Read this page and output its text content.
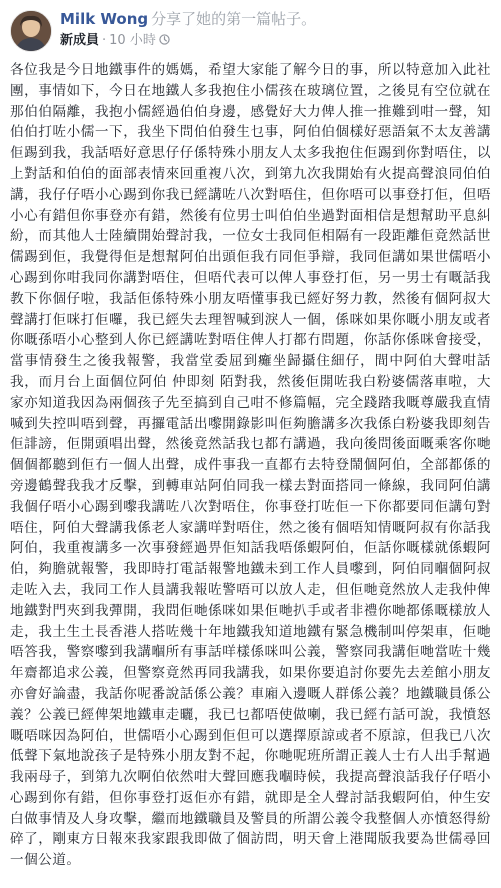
Milk Wong 分享了她的第一篇帖子。
新成員 · 10 小時
各位我是今日地鐵事件的媽媽，希望大家能了解今日的事，所以特意加入此社團，事情如下，今日在地鐵人多我抱住小儒孩在玻璃位置，之後見有空位就在那伯伯隔離，我抱小儒經過伯伯身邊，感覺好大力俾人推一推難到咁一聲，知伯伯打咗小儒一下，我坐下問伯伯發生乜事，阿伯伯個樣好惡語氣不太友善講佢踢到我，我話唔好意思仔仔係特殊小朋友人太多我抱住佢踢到你對唔住，以上對話和伯伯的面部表情來回重複八次，到第九次我開始有火提高聲浪同伯伯講，我仔仔唔小心踢到你我已經講咗八次對唔住，但你唔可以事登打佢，但唔小心有錯但你事登亦有錯，然後有位男士叫伯伯坐過對面相信是想幫助平息糾紛，而其他人士陸續開始聲討我，一位女士我同佢相隔有一段距離佢竟然話世儒踢到佢，我覺得佢是想幫阿伯出頭佢我冇同佢爭辯，我同佢講如果世儒唔小心踢到你咁我同你講對唔住，但唔代表可以俾人事登打佢，另一男士有嘅話我教下你個仔啦，我話佢係特殊小朋友唔懂事我已經好努力教，然後有個阿叔大聲講打佢咪打佢囉，我已經失去理智喊到淚人一個，係咪如果你嘅小朋友或者你嘅孫唔小心整到人你已經講咗對唔住俾人打都冇問題，你話你係咪會接受，當事情發生之後我報警，我當堂委屈到癱坐歸攝住細仔，間中阿伯大聲咁話我，而月台上面個位阿伯 仲即刻 陌對我，然後佢開咗我白粉婆儒落車啦，大家亦知道我因為兩個孩子先至搞到自己咁不修篇幅，完全踐踏我嘅尊嚴我直情喊到失控叫唔到聲，再攞電話出嚟開錄影叫佢夠膽講多次我係白粉婆我即刻告佢誹謗，佢開頭唱出聲，然後竟然話我乜都冇講過，我向後問後面嘅乘客你哋個個都聽到佢冇一個人出聲，成件事我一直都冇去特登鬧個阿伯，全部都係的旁邊鶴聲我我才反擊，到轉車站阿伯同我一樣去對面搭同一條線，我同阿伯講我個仔唔小心踢到嚟我講咗八次對唔住，你事登打咗佢一下你都要同佢講句對唔住，阿伯大聲講我係老人家講咩對唔住，然之後有個唔知情嘅阿叔有你話我阿伯，我重複講多一次事發經過畀佢知話我唔係蝦阿伯，佢話你嘅樣就係蝦阿伯，夠膽就報警，我即時打電話報警地鐵未到工作人員嚟到，阿伯同嗰個阿叔走咗入去，我同工作人員講我報咗警唔可以放人走，但佢哋竟然放人走我仲俾地鐵對門夾到我彈開，我問佢哋係咪如果佢哋扒手或者非禮你哋都係嘅樣放人走，我土生土長香港人搭咗幾十年地鐵我知道地鐵有緊急機制叫停架車，佢哋唔答我，警察嚟到我講嗰所有事話咩樣係咪叫公義，警察同我講佢哋當咗十幾年齋都追求公義，但警察竟然再同我講我，如果你要追討你要先去差館小朋友亦會好論盡，我話你呢番說話係公義？車廂入邊嘅人群係公義？地鐵職員係公義？公義已經俾架地鐵車走曬，我已乜都唔使做喇，我已經冇話可說，我憤怒嘅唔咪因為阿伯，世儒唔小心踢到佢但可以選擇原諒或者不原諒，但我已八次低聲下氣地說孩子是特殊小朋友對不起，你哋呢班所謂正義人士冇人出手幫過我兩母子，到第九次啊伯依然咁大聲回應我嗰時候，我提高聲浪話我仔仔唔小心踢到你有錯，但你事登打返佢亦有錯，就即是全人聲討話我蝦阿伯，仲生安白做事情及人身攻擊，繼而地鐵職員及警員的所謂公義令我整個人亦憤怒得紛碎了，剛東方日報來我家跟我即做了個訪問，明天會上港聞版我要為世儒尋回一個公道。
